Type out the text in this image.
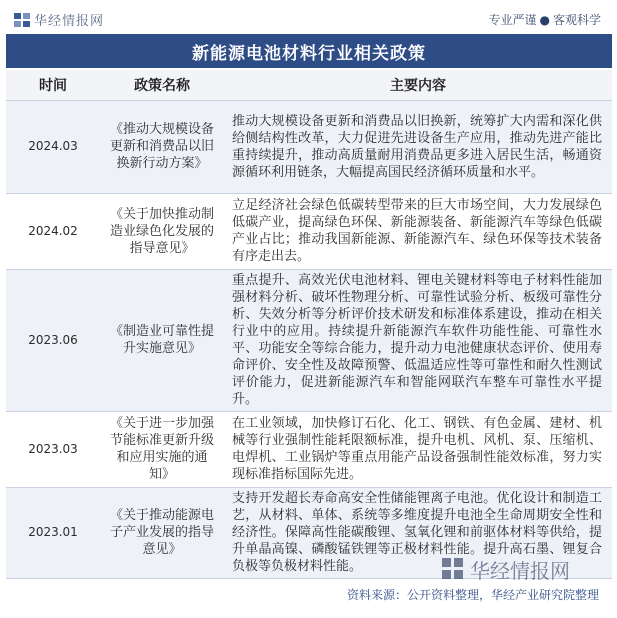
华经情报网	专业严谨 ● 客观科学
新能源电池材料行业相关政策
时间	政策名称	主要内容
2024.03	《推动大规模设备更新和消费品以旧换新行动方案》	推动大规模设备更新和消费品以旧换新，统筹扩大内需和深化供给侧结构性改革，大力促进先进设备生产应用，推动先进产能比重持续提升，推动高质量耐用消费品更多进入居民生活，畅通资源循环利用链条，大幅提高国民经济循环质量和水平。

2024.02	《关于加快推动制造业绿色化发展的指导意见》	立足经济社会绿色低碳转型带来的巨大市场空间，大力发展绿色低碳产业，提高绿色环保、新能源装备、新能源汽车等绿色低碳产业占比；推动我国新能源、新能源汽车、绿色环保等技术装备有序走出去。

2023.06	《制造业可靠性提升实施意见》	重点提升、高效光伏电池材料、锂电关键材料等电子材料性能加强材料分析、破坏性物理分析、可靠性试验分析、板级可靠性分析、失效分析等分析评价技术研发和标准体系建设，推动在相关行业中的应用。持续提升新能源汽车软件功能性能、可靠性水平、功能安全等综合能力，提升动力电池健康状态评价、使用寿命评价、安全性及故障预警、低温适应性等可靠性和耐久性测试评价能力，促进新能源汽车和智能网联汽车整车可靠性水平提升。

2023.03	《关于进一步加强节能标准更新升级和应用实施的通知》	在工业领域，加快修订石化、化工、钢铁、有色金属、建材、机械等行业强制性能耗限额标准，提升电机、风机、泵、压缩机、电焊机、工业锅炉等重点用能产品设备强制性能效标准，努力实现标准指标国际先进。

2023.01	《关于推动能源电子产业发展的指导意见》	支持开发超长寿命高安全性储能锂离子电池。优化设计和制造工艺，从材料、单体、系统等多维度提升电池全生命周期安全性和经济性。保障高性能碳酸锂、氢氧化锂和前驱体材料等供给，提升单晶高镍、磷酸锰铁锂等正极材料性能。提升高石墨、锂复合负极等负极材料性能。	华经情报网
资料来源：公开资料整理，华经产业研究院整理
